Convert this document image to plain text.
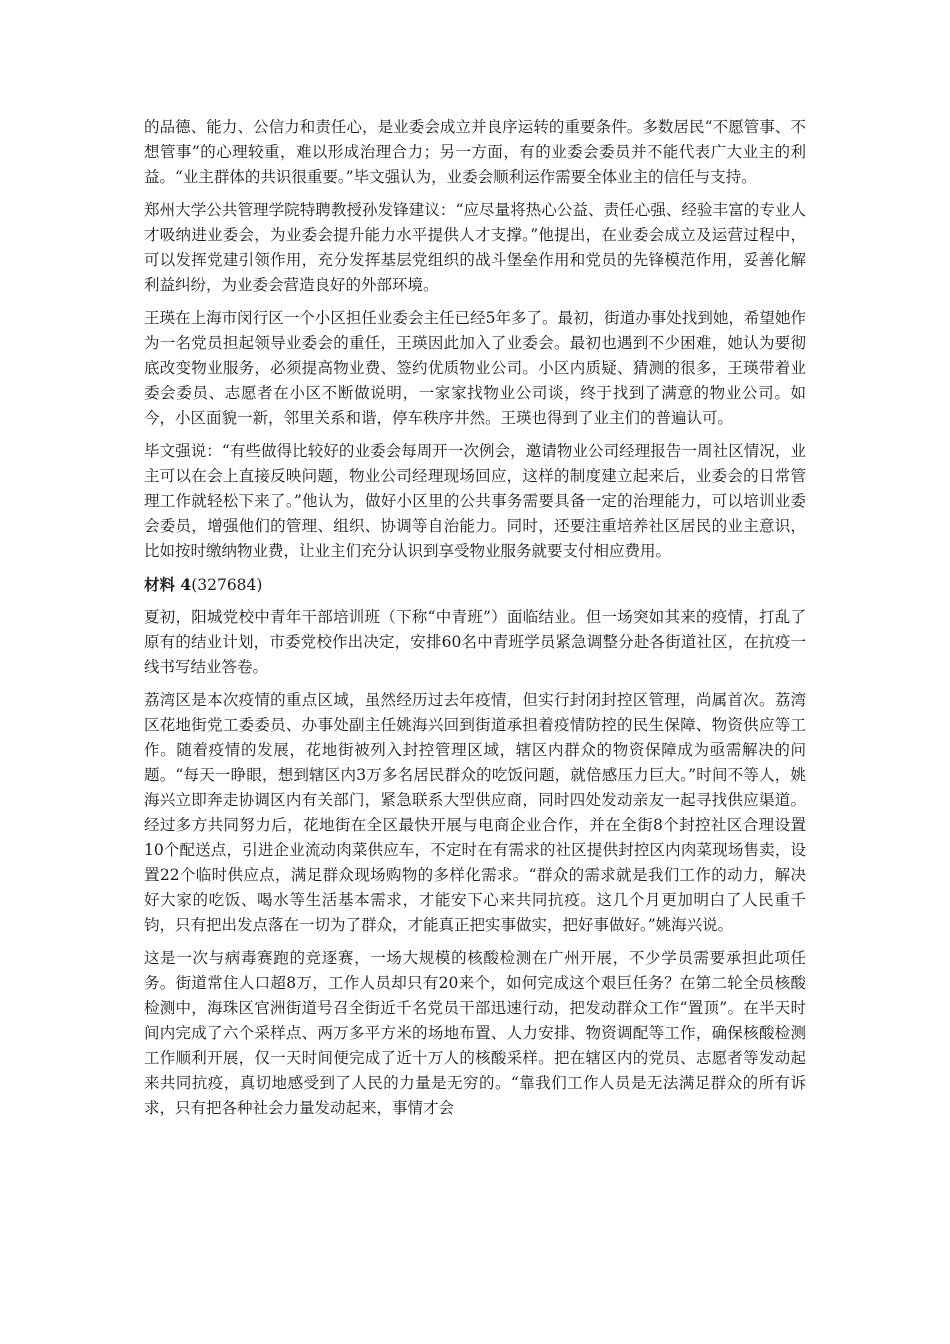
的品德、能力、公信力和责任心，是业委会成立并良序运转的重要条件。多数居民“不愿管事、不想管事”的心理较重，难以形成治理合力；另一方面，有的业委会委员并不能代表广大业主的利益。“业主群体的共识很重要。”毕文强认为，业委会顺利运作需要全体业主的信任与支持。

郑州大学公共管理学院特聘教授孙发锋建议：“应尽量将热心公益、责任心强、经验丰富的专业人才吸纳进业委会，为业委会提升能力水平提供人才支撑。”他提出，在业委会成立及运营过程中，可以发挥党建引领作用，充分发挥基层党组织的战斗堡垒作用和党员的先锋模范作用，妥善化解利益纠纷，为业委会营造良好的外部环境。

王瑛在上海市闵行区一个小区担任业委会主任已经5年多了。最初，街道办事处找到她，希望她作为一名党员担起领导业委会的重任，王瑛因此加入了业委会。最初也遇到不少困难，她认为要彻底改变物业服务，必须提高物业费、签约优质物业公司。小区内质疑、猜测的很多，王瑛带着业委会委员、志愿者在小区不断做说明，一家家找物业公司谈，终于找到了满意的物业公司。如今，小区面貌一新，邻里关系和谐，停车秩序井然。王瑛也得到了业主们的普遍认可。

毕文强说：“有些做得比较好的业委会每周开一次例会，邀请物业公司经理报告一周社区情况，业主可以在会上直接反映问题，物业公司经理现场回应，这样的制度建立起来后，业委会的日常管理工作就轻松下来了。”他认为，做好小区里的公共事务需要具备一定的治理能力，可以培训业委会委员，增强他们的管理、组织、协调等自治能力。同时，还要注重培养社区居民的业主意识，比如按时缴纳物业费，让业主们充分认识到享受物业服务就要支付相应费用。

材料 4(327684)

夏初，阳城党校中青年干部培训班（下称“中青班”）面临结业。但一场突如其来的疫情，打乱了原有的结业计划，市委党校作出决定，安排60名中青班学员紧急调整分赴各街道社区，在抗疫一线书写结业答卷。

荔湾区是本次疫情的重点区域，虽然经历过去年疫情，但实行封闭封控区管理，尚属首次。荔湾区花地街党工委委员、办事处副主任姚海兴回到街道承担着疫情防控的民生保障、物资供应等工作。随着疫情的发展，花地街被列入封控管理区域，辖区内群众的物资保障成为亟需解决的问题。“每天一睁眼，想到辖区内3万多名居民群众的吃饭问题，就倍感压力巨大。”时间不等人，姚海兴立即奔走协调区内有关部门，紧急联系大型供应商，同时四处发动亲友一起寻找供应渠道。经过多方共同努力后，花地街在全区最快开展与电商企业合作，并在全街8个封控社区合理设置10个配送点，引进企业流动肉菜供应车，不定时在有需求的社区提供封控区内肉菜现场售卖，设置22个临时供应点，满足群众现场购物的多样化需求。“群众的需求就是我们工作的动力，解决好大家的吃饭、喝水等生活基本需求，才能安下心来共同抗疫。这几个月更加明白了人民重千钧，只有把出发点落在一切为了群众，才能真正把实事做实，把好事做好。”姚海兴说。

这是一次与病毒赛跑的竞逐赛，一场大规模的核酸检测在广州开展，不少学员需要承担此项任务。街道常住人口超8万，工作人员却只有20来个，如何完成这个艰巨任务？在第二轮全员核酸检测中，海珠区官洲街道号召全街近千名党员干部迅速行动，把发动群众工作“置顶”。在半天时间内完成了六个采样点、两万多平方米的场地布置、人力安排、物资调配等工作，确保核酸检测工作顺利开展，仅一天时间便完成了近十万人的核酸采样。把在辖区内的党员、志愿者等发动起来共同抗疫，真切地感受到了人民的力量是无穷的。“靠我们工作人员是无法满足群众的所有诉求，只有把各种社会力量发动起来，事情才会
